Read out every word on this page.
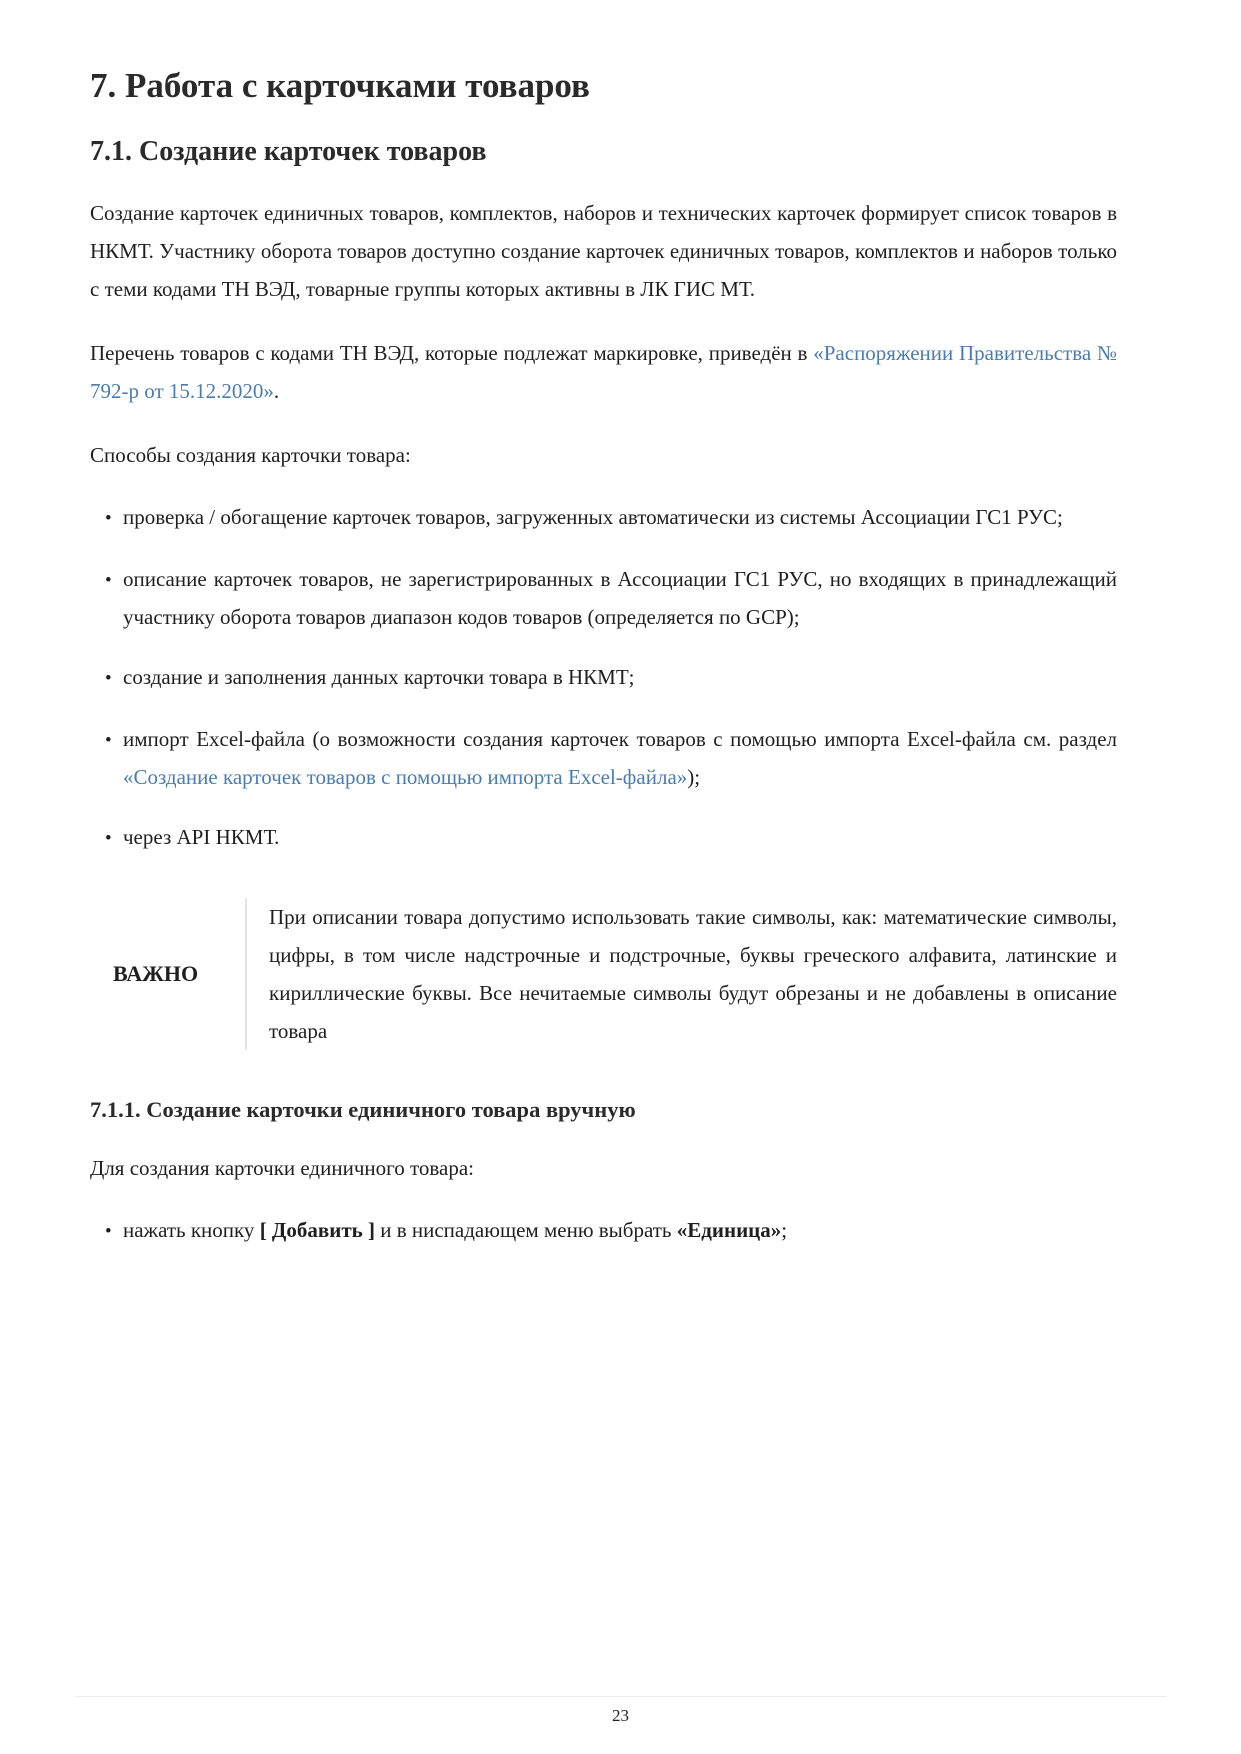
7. Работа с карточками товаров
7.1. Создание карточек товаров

Создание карточек единичных товаров, комплектов, наборов и технических карточек формирует список товаров в НКМТ. Участнику оборота товаров доступно создание карточек единичных товаров, комплектов и наборов только с теми кодами ТН ВЭД, товарные группы которых активны в ЛК ГИС МТ.

Перечень товаров с кодами ТН ВЭД, которые подлежат маркировке, приведён в «Распоряжении Правительства № 792-р от 15.12.2020».

Способы создания карточки товара:

•
проверка / обогащение карточек товаров, загруженных автоматически из системы Ассоциации ГС1 РУС;
•
описание карточек товаров, не зарегистрированных в Ассоциации ГС1 РУС, но входящих в принадлежащий участнику оборота товаров диапазон кодов товаров (определяется по GCP);
•
создание и заполнения данных карточки товара в НКМТ;
•
импорт Excel-файла (о возможности создания карточек товаров с помощью импорта Excel-файла см. раздел «Создание карточек товаров с помощью импорта Excel-файла»);
•
через API НКМТ.
ВАЖНО
При описании товара допустимо использовать такие символы, как: математические символы, цифры, в том числе надстрочные и подстрочные, буквы греческого алфавита, латинские и кириллические буквы. Все нечитаемые символы будут обрезаны и не добавлены в описание товара
7.1.1. Создание карточки единичного товара вручную

Для создания карточки единичного товара:

•
нажать кнопку [ Добавить ] и в ниспадающем меню выбрать «Единица»;
23
